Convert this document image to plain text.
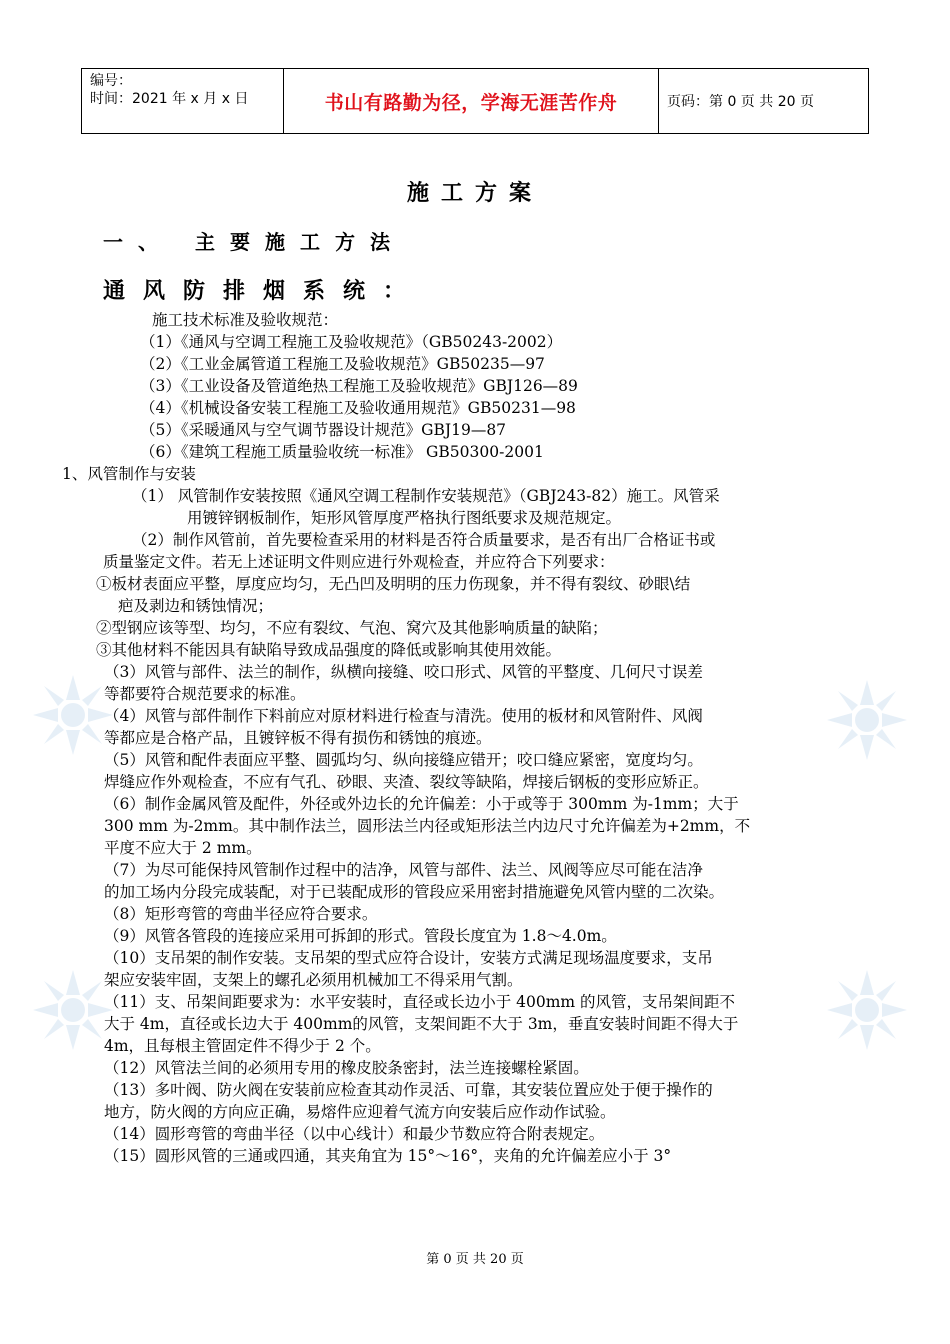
编号：
时间：2021 年 x 月 x 日	书山有路勤为径，学海无涯苦作舟	页码：第 0 页 共 20 页
施工方案
一、 主要施工方法
通风防排烟系统：
施工技术标准及验收规范：
（1）《通风与空调工程施工及验收规范》（GB50243-2002）
（2）《工业金属管道工程施工及验收规范》GB50235—97
（3）《工业设备及管道绝热工程施工及验收规范》GBJ126—89
（4）《机械设备安装工程施工及验收通用规范》GB50231—98
（5）《采暖通风与空气调节器设计规范》GBJ19—87
（6）《建筑工程施工质量验收统一标准》 GB50300-2001
1、风管制作与安装
（1） 风管制作安装按照《通风空调工程制作安装规范》（GBJ243-82）施工。风管采
用镀锌钢板制作，矩形风管厚度严格执行图纸要求及规范规定。
（2）制作风管前，首先要检查采用的材料是否符合质量要求，是否有出厂合格证书或
质量鉴定文件。若无上述证明文件则应进行外观检查，并应符合下列要求：
①板材表面应平整，厚度应均匀，无凸凹及明明的压力伤现象，并不得有裂纹、砂眼\结
疤及剥边和锈蚀情况；
②型钢应该等型、均匀，不应有裂纹、气泡、窝穴及其他影响质量的缺陷；
③其他材料不能因具有缺陷导致成品强度的降低或影响其使用效能。
（3）风管与部件、法兰的制作，纵横向接缝、咬口形式、风管的平整度、几何尺寸误差
等都要符合规范要求的标准。
（4）风管与部件制作下料前应对原材料进行检查与清洗。使用的板材和风管附件、风阀
等都应是合格产品，且镀锌板不得有损伤和锈蚀的痕迹。
（5）风管和配件表面应平整、圆弧均匀、纵向接缝应错开；咬口缝应紧密，宽度均匀。
焊缝应作外观检查，不应有气孔、砂眼、夹渣、裂纹等缺陷，焊接后钢板的变形应矫正。
（6）制作金属风管及配件，外径或外边长的允许偏差：小于或等于 300mm 为-1mm；大于
300 mm 为-2mm。其中制作法兰，圆形法兰内径或矩形法兰内边尺寸允许偏差为+2mm，不
平度不应大于 2 mm。
（7）为尽可能保持风管制作过程中的洁净，风管与部件、法兰、风阀等应尽可能在洁净
的加工场内分段完成装配，对于已装配成形的管段应采用密封措施避免风管内壁的二次染。
（8）矩形弯管的弯曲半径应符合要求。
（9）风管各管段的连接应采用可拆卸的形式。管段长度宜为 1.8～4.0m。
（10）支吊架的制作安装。支吊架的型式应符合设计，安装方式满足现场温度要求，支吊
架应安装牢固，支架上的螺孔必须用机械加工不得采用气割。
（11）支、吊架间距要求为：水平安装时，直径或长边小于 400mm 的风管，支吊架间距不
大于 4m，直径或长边大于 400mm的风管，支架间距不大于 3m，垂直安装时间距不得大于
4m，且每根主管固定件不得少于 2 个。
（12）风管法兰间的必须用专用的橡皮胶条密封，法兰连接螺栓紧固。
（13）多叶阀、防火阀在安装前应检查其动作灵活、可靠，其安装位置应处于便于操作的
地方，防火阀的方向应正确，易熔件应迎着气流方向安装后应作动作试验。
（14）圆形弯管的弯曲半径（以中心线计）和最少节数应符合附表规定。
（15）圆形风管的三通或四通，其夹角宜为 15°～16°，夹角的允许偏差应小于 3°
第 0 页 共 20 页
